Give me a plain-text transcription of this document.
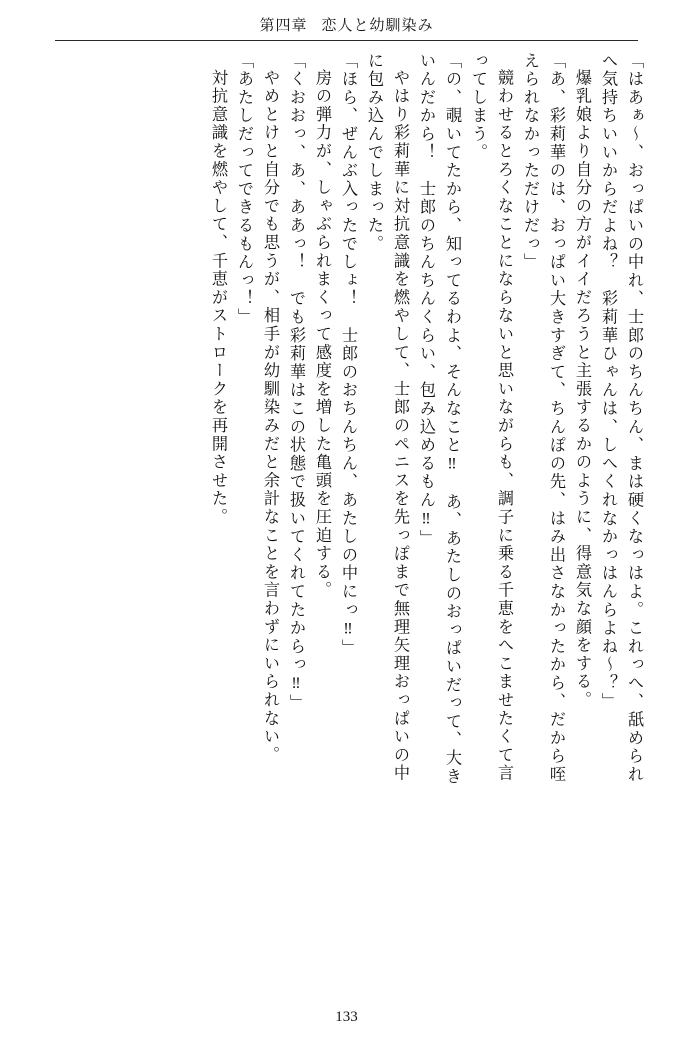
第四章 恋人と幼馴染み
「はあぁ～、おっぱいの中れ、士郎のちんちん、まは硬くなっはよ。これっへ、舐められ
へ気持ちいいからだよね？　彩莉華ひゃんは、しへくれなかっはんらよね～？」
爆乳娘より自分の方がイイだろうと主張するかのように、得意気な顔をする。
「あ、彩莉華のは、おっぱい大きすぎて、ちんぽの先、はみ出さなかったから、だから咥
えられなかっただけだっ」
競わせるとろくなことにならないと思いながらも、調子に乗る千恵をへこませたくて言
ってしまう。
「の、覗いてたから、知ってるわよ、そんなこと‼　あ、あたしのおっぱいだって、大き
いんだから！　士郎のちんちんくらい、包み込めるもん‼」
やはり彩莉華に対抗意識を燃やして、士郎のペニスを先っぽまで無理矢理おっぱいの中
に包み込んでしまった。
「ほら、ぜんぶ入ったでしょ！　士郎のおちんちん、あたしの中にっ‼」
房の弾力が、しゃぶられまくって感度を増した亀頭を圧迫する。
「くおおっ、あ、ああっ！　でも彩莉華はこの状態で扱いてくれてたからっ‼」
やめとけと自分でも思うが、相手が幼馴染みだと余計なことを言わずにいられない。
「あたしだってできるもんっ！」
対抗意識を燃やして、千恵がストロークを再開させた。
133
